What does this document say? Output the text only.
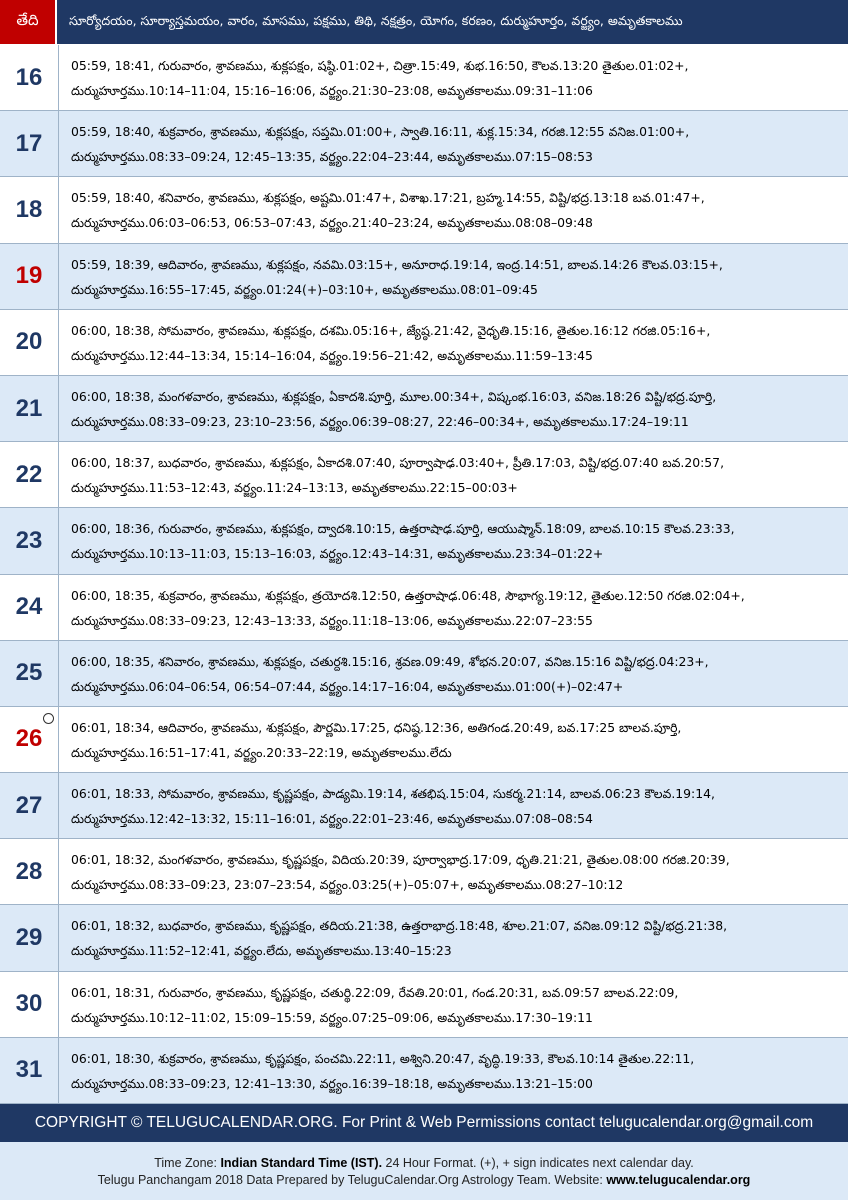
తేది	సూర్యోదయం, సూర్యాస్తమయం, వారం, మాసము, పక్షము, తిథి, నక్షత్రం, యోగం, కరణం, దుర్ముహూర్తం, వర్జ్యం, అమృతకాలము
16 05:59, 18:41, గురువారం, శ్రావణము, శుక్లపక్షం, షష్ఠి.01:02+, చిత్రా.15:49, శుభ.16:50, కౌలవ.13:20 తైతుల.01:02+,
దుర్ముహూర్తము.10:14–11:04, 15:16–16:06, వర్జ్యం.21:30–23:08, అమృతకాలము.09:31–11:06
17 05:59, 18:40, శుక్రవారం, శ్రావణము, శుక్లపక్షం, సప్తమి.01:00+, స్వాతి.16:11, శుక్ల.15:34, గరజి.12:55 వనిజ.01:00+,
దుర్ముహూర్తము.08:33–09:24, 12:45–13:35, వర్జ్యం.22:04–23:44, అమృతకాలము.07:15–08:53
18 05:59, 18:40, శనివారం, శ్రావణము, శుక్లపక్షం, అష్టమి.01:47+, విశాఖ.17:21, బ్రహ్మ.14:55, విష్టి/భద్ర.13:18 బవ.01:47+,
దుర్ముహూర్తము.06:03–06:53, 06:53–07:43, వర్జ్యం.21:40–23:24, అమృతకాలము.08:08–09:48
19 05:59, 18:39, ఆదివారం, శ్రావణము, శుక్లపక్షం, నవమి.03:15+, అనూరాధ.19:14, ఇంద్ర.14:51, బాలవ.14:26 కౌలవ.03:15+,
దుర్ముహూర్తము.16:55–17:45, వర్జ్యం.01:24(+)–03:10+, అమృతకాలము.08:01–09:45
20 06:00, 18:38, సోమవారం, శ్రావణము, శుక్లపక్షం, దశమి.05:16+, జ్యేష్ఠ.21:42, వైధృతి.15:16, తైతుల.16:12 గరజి.05:16+,
దుర్ముహూర్తము.12:44–13:34, 15:14–16:04, వర్జ్యం.19:56–21:42, అమృతకాలము.11:59–13:45
21 06:00, 18:38, మంగళవారం, శ్రావణము, శుక్లపక్షం, ఏకాదశి.పూర్తి, మూల.00:34+, విష్కంభ.16:03, వనిజ.18:26 విష్టి/భద్ర.పూర్తి,
దుర్ముహూర్తము.08:33–09:23, 23:10–23:56, వర్జ్యం.06:39–08:27, 22:46–00:34+, అమృతకాలము.17:24–19:11
22 06:00, 18:37, బుధవారం, శ్రావణము, శుక్లపక్షం, ఏకాదశి.07:40, పూర్వాషాఢ.03:40+, ప్రీతి.17:03, విష్టి/భద్ర.07:40 బవ.20:57,
దుర్ముహూర్తము.11:53–12:43, వర్జ్యం.11:24–13:13, అమృతకాలము.22:15–00:03+
23 06:00, 18:36, గురువారం, శ్రావణము, శుక్లపక్షం, ద్వాదశి.10:15, ఉత్తరాషాఢ.పూర్తి, ఆయుష్మాన్.18:09, బాలవ.10:15 కౌలవ.23:33,
దుర్ముహూర్తము.10:13–11:03, 15:13–16:03, వర్జ్యం.12:43–14:31, అమృతకాలము.23:34–01:22+
24 06:00, 18:35, శుక్రవారం, శ్రావణము, శుక్లపక్షం, త్రయోదశి.12:50, ఉత్తరాషాఢ.06:48, సౌభాగ్య.19:12, తైతుల.12:50 గరజి.02:04+,
దుర్ముహూర్తము.08:33–09:23, 12:43–13:33, వర్జ్యం.11:18–13:06, అమృతకాలము.22:07–23:55
25 06:00, 18:35, శనివారం, శ్రావణము, శుక్లపక్షం, చతుర్దశి.15:16, శ్రవణ.09:49, శోభన.20:07, వనిజ.15:16 విష్టి/భద్ర.04:23+,
దుర్ముహూర్తము.06:04–06:54, 06:54–07:44, వర్జ్యం.14:17–16:04, అమృతకాలము.01:00(+)–02:47+
26 06:01, 18:34, ఆదివారం, శ్రావణము, శుక్లపక్షం, పౌర్ణమి.17:25, ధనిష్ఠ.12:36, అతిగండ.20:49, బవ.17:25 బాలవ.పూర్తి,
దుర్ముహూర్తము.16:51–17:41, వర్జ్యం.20:33–22:19, అమృతకాలము.లేదు
27 06:01, 18:33, సోమవారం, శ్రావణము, కృష్ణపక్షం, పాడ్యమి.19:14, శతభిష.15:04, సుకర్మ.21:14, బాలవ.06:23 కౌలవ.19:14,
దుర్ముహూర్తము.12:42–13:32, 15:11–16:01, వర్జ్యం.22:01–23:46, అమృతకాలము.07:08–08:54
28 06:01, 18:32, మంగళవారం, శ్రావణము, కృష్ణపక్షం, విదియ.20:39, పూర్వాభాద్ర.17:09, ధృతి.21:21, తైతుల.08:00 గరజి.20:39,
దుర్ముహూర్తము.08:33–09:23, 23:07–23:54, వర్జ్యం.03:25(+)–05:07+, అమృతకాలము.08:27–10:12
29 06:01, 18:32, బుధవారం, శ్రావణము, కృష్ణపక్షం, తదియ.21:38, ఉత్తరాభాద్ర.18:48, శూల.21:07, వనిజ.09:12 విష్టి/భద్ర.21:38,
దుర్ముహూర్తము.11:52–12:41, వర్జ్యం.లేదు, అమృతకాలము.13:40–15:23
30 06:01, 18:31, గురువారం, శ్రావణము, కృష్ణపక్షం, చతుర్థి.22:09, రేవతి.20:01, గండ.20:31, బవ.09:57 బాలవ.22:09,
దుర్ముహూర్తము.10:12–11:02, 15:09–15:59, వర్జ్యం.07:25–09:06, అమృతకాలము.17:30–19:11
31 06:01, 18:30, శుక్రవారం, శ్రావణము, కృష్ణపక్షం, పంచమి.22:11, అశ్విని.20:47, వృద్ధి.19:33, కౌలవ.10:14 తైతుల.22:11,
దుర్ముహూర్తము.08:33–09:23, 12:41–13:30, వర్జ్యం.16:39–18:18, అమృతకాలము.13:21–15:00
COPYRIGHT © TELUGUCALENDAR.ORG. For Print & Web Permissions contact telugucalendar.org@gmail.com
Time Zone: Indian Standard Time (IST). 24 Hour Format. (+), + sign indicates next calendar day.
Telugu Panchangam 2018 Data Prepared by TeluguCalendar.Org Astrology Team. Website: www.telugucalendar.org
